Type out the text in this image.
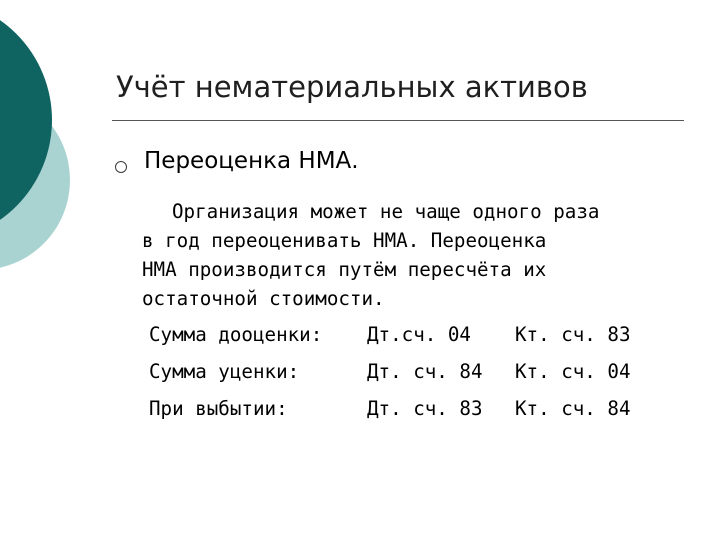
Учёт нематериальных активов
Переоценка НМА.
Организация может не чаще одного раза
в год переоценивать НМА. Переоценка
НМА производится путём пересчёта их
остаточной стоимости.
Сумма дооценки: Дт.сч. 04 Кт. сч. 83
Сумма уценки:	Дт. сч. 84 Кт. сч. 04
При выбытии:	Дт. сч. 83 Кт. сч. 84
